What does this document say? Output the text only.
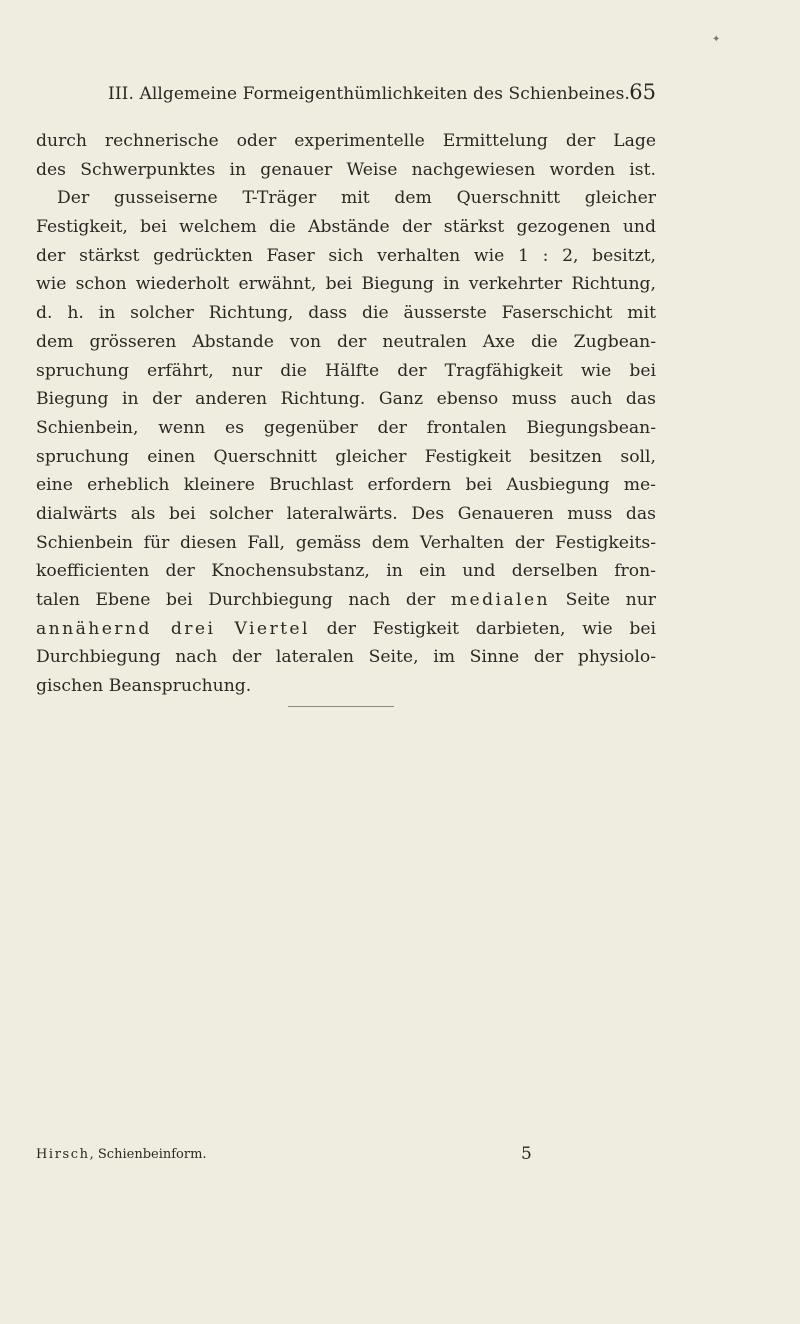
✦
III. Allgemeine Formeigenthümlichkeiten des Schienbeines. 65
durch rechnerische oder experimentelle Ermittelung der Lage
des Schwerpunktes in genauer Weise nachgewiesen worden ist.
Der gusseiserne T-Träger mit dem Querschnitt gleicher
Festigkeit, bei welchem die Abstände der stärkst gezogenen und
der stärkst gedrückten Faser sich verhalten wie 1 : 2, besitzt,
wie schon wiederholt erwähnt, bei Biegung in verkehrter Richtung,
d. h. in solcher Richtung, dass die äusserste Faserschicht mit
dem grösseren Abstande von der neutralen Axe die Zugbean-
spruchung erfährt, nur die Hälfte der Tragfähigkeit wie bei
Biegung in der anderen Richtung. Ganz ebenso muss auch das
Schienbein, wenn es gegenüber der frontalen Biegungsbean-
spruchung einen Querschnitt gleicher Festigkeit besitzen soll,
eine erheblich kleinere Bruchlast erfordern bei Ausbiegung me-
dialwärts als bei solcher lateralwärts. Des Genaueren muss das
Schienbein für diesen Fall, gemäss dem Verhalten der Festigkeits-
koefficienten der Knochensubstanz, in ein und derselben fron-
talen Ebene bei Durchbiegung nach der medialen Seite nur
annähernd drei Viertel der Festigkeit darbieten, wie bei
Durchbiegung nach der lateralen Seite, im Sinne der physiolo-
gischen Beanspruchung.
Hirsch, Schienbeinform.	5
